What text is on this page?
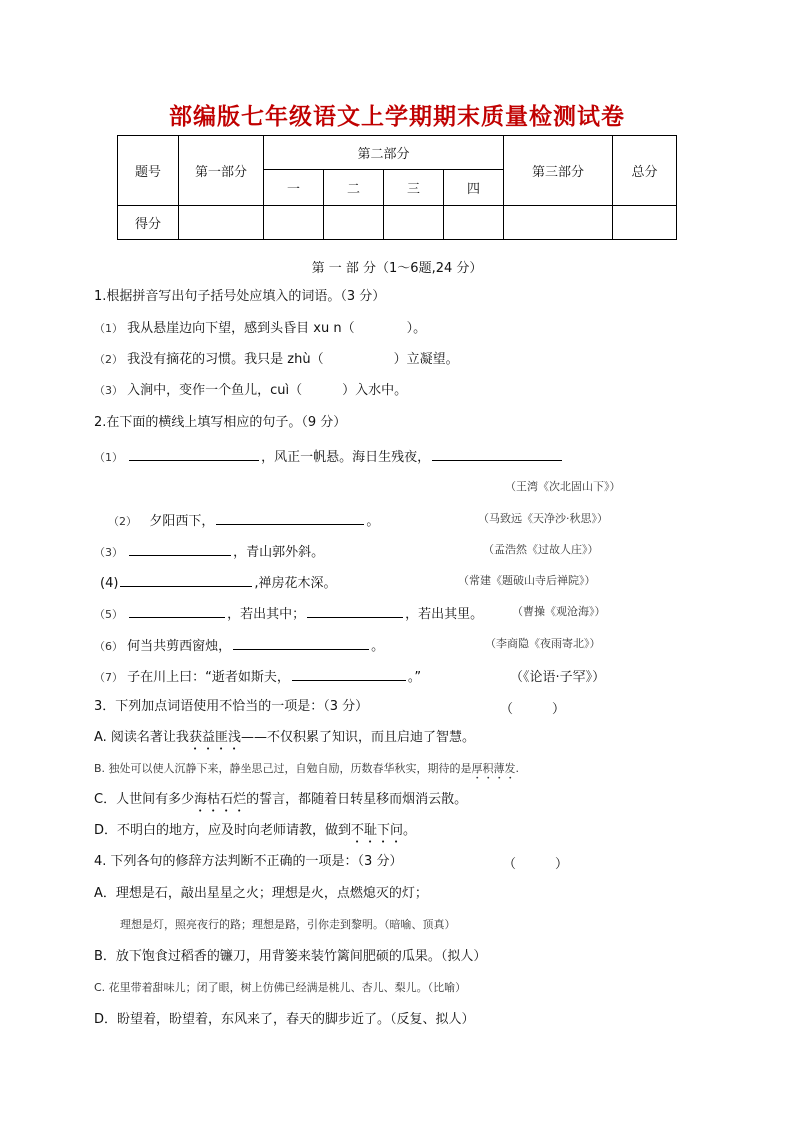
部编版七年级语文上学期期末质量检测试卷
题号	第一部分	第二部分				第三部分	总分
		一	二	三	四		
得分							
第 一 部 分（1～6题,24 分）
1.根据拼音写出句子括号处应填入的词语。（3 分）
（1） 我从悬崖边向下望，感到头昏目 xu n（	）。
（2） 我没有摘花的习惯。我只是 zhù（	）立凝望。
（3） 入涧中，变作一个鱼儿，cuì（	）入水中。
2.在下面的横线上填写相应的句子。（9 分）
（1）	，风正一帆悬。海日生残夜，
（王湾《次北固山下》）
（2） 夕阳西下，	。	（马致远《天净沙·秋思》）
（3）	，青山郭外斜。	（孟浩然《过故人庄》）
(4)	,禅房花木深。	（常建《题破山寺后禅院》）
（5）	，若出其中；	，若出其里。	（曹操《观沧海》）
（6） 何当共剪西窗烛，	。	（李商隐《夜雨寄北》）
（7） 子在川上曰：“逝者如斯夫，	。”	（《论语·子罕》）
3．下列加点词语使用不恰当的一项是：（3 分）	（　　　）
A. 阅读名著让我获益匪浅——不仅积累了知识，而且启迪了智慧。
B. 独处可以使人沉静下来，静坐思己过，自勉自励，历数春华秋实，期待的是厚积薄发.
C．人世间有多少海枯石烂的誓言，都随着日转星移而烟消云散。
D．不明白的地方，应及时向老师请教，做到不耻下问。
4. 下列各句的修辞方法判断不正确的一项是：（3 分）	（　　　）
A．理想是石，敲出星星之火；理想是火，点燃熄灭的灯；
理想是灯，照亮夜行的路；理想是路，引你走到黎明。（暗喻、顶真）
B．放下饱食过稻香的镰刀，用背篓来装竹篱间肥硕的瓜果。（拟人）
C. 花里带着甜味儿；闭了眼，树上仿佛已经满是桃儿、杏儿、梨儿。（比喻）
D．盼望着，盼望着，东风来了，春天的脚步近了。（反复、拟人）
